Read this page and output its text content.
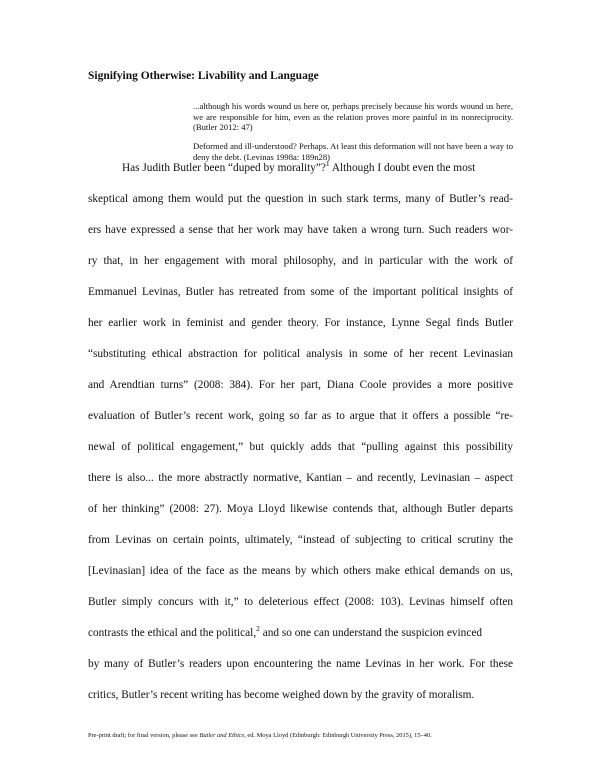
Signifying Otherwise: Livability and Language
...although his words wound us here or, perhaps precisely because his words wound us here, we are responsible for him, even as the relation proves more painful in its nonreciprocity. (Butler 2012: 47)
Deformed and ill-understood? Perhaps. At least this deformation will not have been a way to deny the debt. (Levinas 1998a: 189n28)
Has Judith Butler been “duped by morality”?$^1$ Although I doubt even the most
skeptical among them would put the question in such stark terms, many of Butler’s read-
ers have expressed a sense that her work may have taken a wrong turn. Such readers wor-
ry that, in her engagement with moral philosophy, and in particular with the work of
Emmanuel Levinas, Butler has retreated from some of the important political insights of
her earlier work in feminist and gender theory. For instance, Lynne Segal finds Butler
“substituting ethical abstraction for political analysis in some of her recent Levinasian
and Arendtian turns” (2008: 384). For her part, Diana Coole provides a more positive
evaluation of Butler’s recent work, going so far as to argue that it offers a possible “re-
newal of political engagement,” but quickly adds that “pulling against this possibility
there is also... the more abstractly normative, Kantian – and recently, Levinasian – aspect
of her thinking” (2008: 27). Moya Lloyd likewise contends that, although Butler departs
from Levinas on certain points, ultimately, “instead of subjecting to critical scrutiny the
[Levinasian] idea of the face as the means by which others make ethical demands on us,
Butler simply concurs with it,” to deleterious effect (2008: 103). Levinas himself often
contrasts the ethical and the political,$^2$ and so one can understand the suspicion evinced
by many of Butler’s readers upon encountering the name Levinas in her work. For these
critics, Butler’s recent writing has become weighed down by the gravity of moralism.
Pre-print draft; for final version, please see Butler and Ethics, ed. Moya Lloyd (Edinburgh: Edinburgh University Press, 2015), 15–40.
